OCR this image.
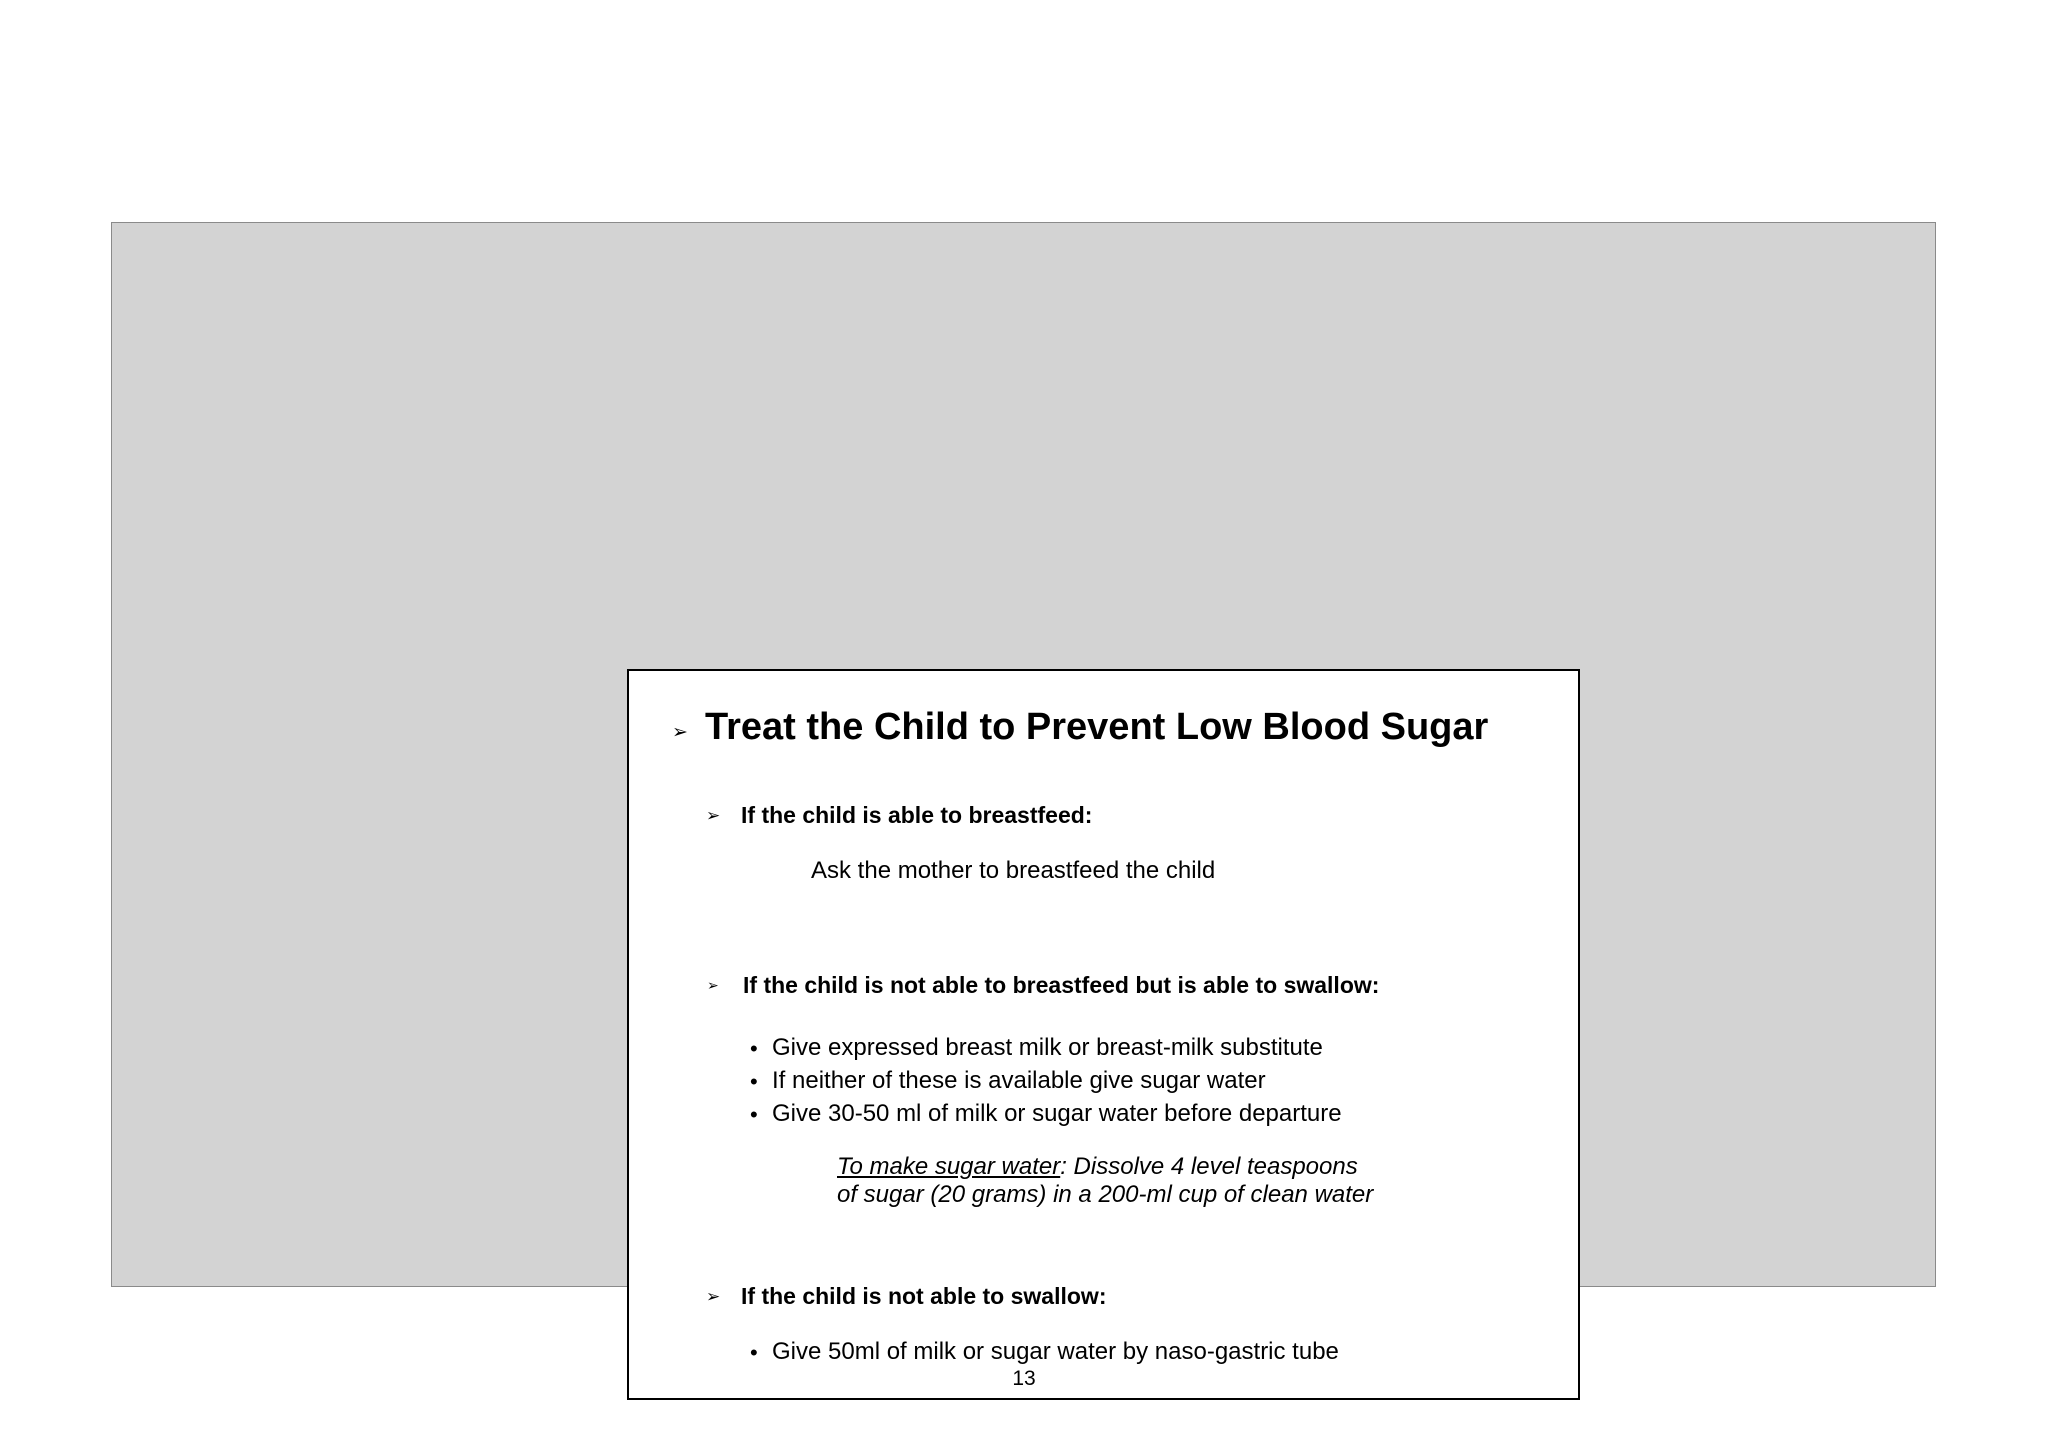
➢ Treat the Child to Prevent Low Blood Sugar
➢ If the child is able to breastfeed:
Ask the mother to breastfeed the child
➢ If the child is not able to breastfeed but is able to swallow:
• Give expressed breast milk or breast-milk substitute
• If neither of these is available give sugar water
• Give 30-50 ml of milk or sugar water before departure
To make sugar water: Dissolve 4 level teaspoons
of sugar (20 grams) in a 200-ml cup of clean water
➢ If the child is not able to swallow:
• Give 50ml of milk or sugar water by naso-gastric tube
13
